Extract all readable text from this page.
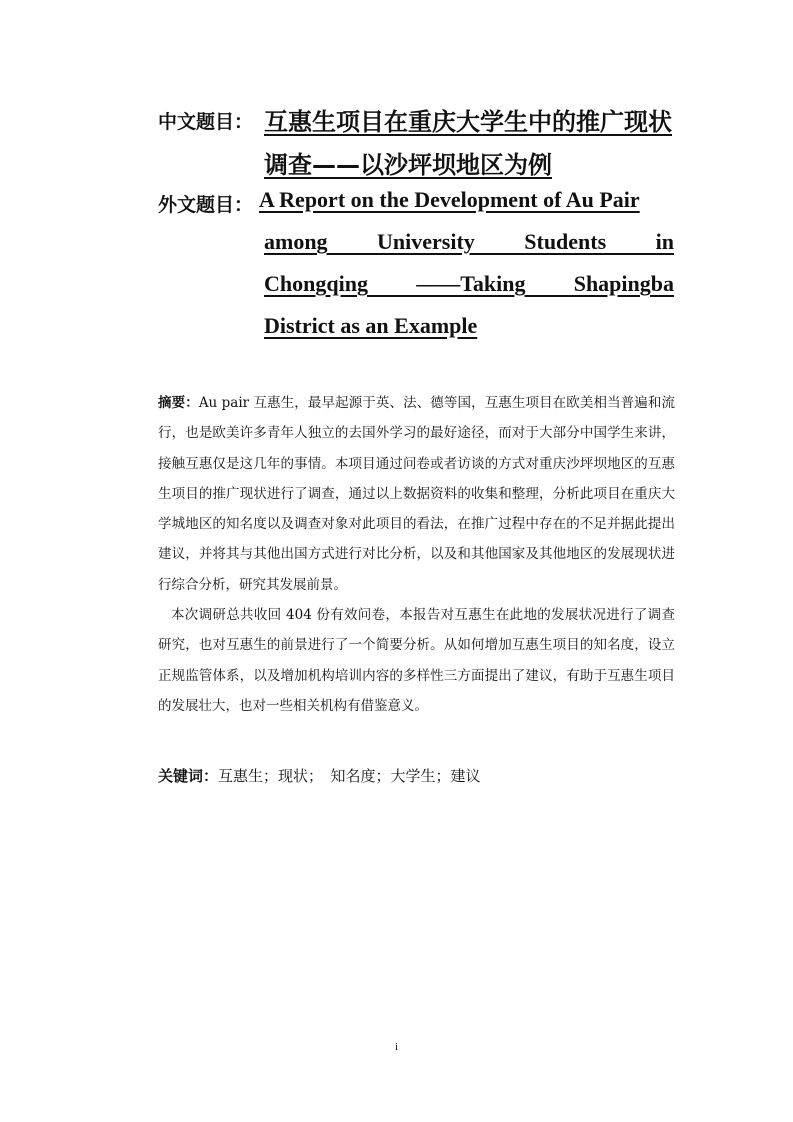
中文题目： 互惠生项目在重庆大学生中的推广现状
调查——以沙坪坝地区为例
外文题目： A Report on the Development of Au Pair
among University Students in
Chongqing ——Taking Shapingba
District as an Example

摘要：Au pair 互惠生，最早起源于英、法、德等国，互惠生项目在欧美相当普遍和流行，也是欧美许多青年人独立的去国外学习的最好途径，而对于大部分中国学生来讲，接触互惠仅是这几年的事情。本项目通过问卷或者访谈的方式对重庆沙坪坝地区的互惠生项目的推广现状进行了调查，通过以上数据资料的收集和整理，分析此项目在重庆大学城地区的知名度以及调查对象对此项目的看法，在推广过程中存在的不足并据此提出建议，并将其与其他出国方式进行对比分析，以及和其他国家及其他地区的发展现状进行综合分析，研究其发展前景。

本次调研总共收回 404 份有效问卷，本报告对互惠生在此地的发展状况进行了调查研究，也对互惠生的前景进行了一个简要分析。从如何增加互惠生项目的知名度，设立正规监管体系，以及增加机构培训内容的多样性三方面提出了建议，有助于互惠生项目的发展壮大，也对一些相关机构有借鉴意义。

关键词：互惠生；现状；　知名度；大学生；建议
i
